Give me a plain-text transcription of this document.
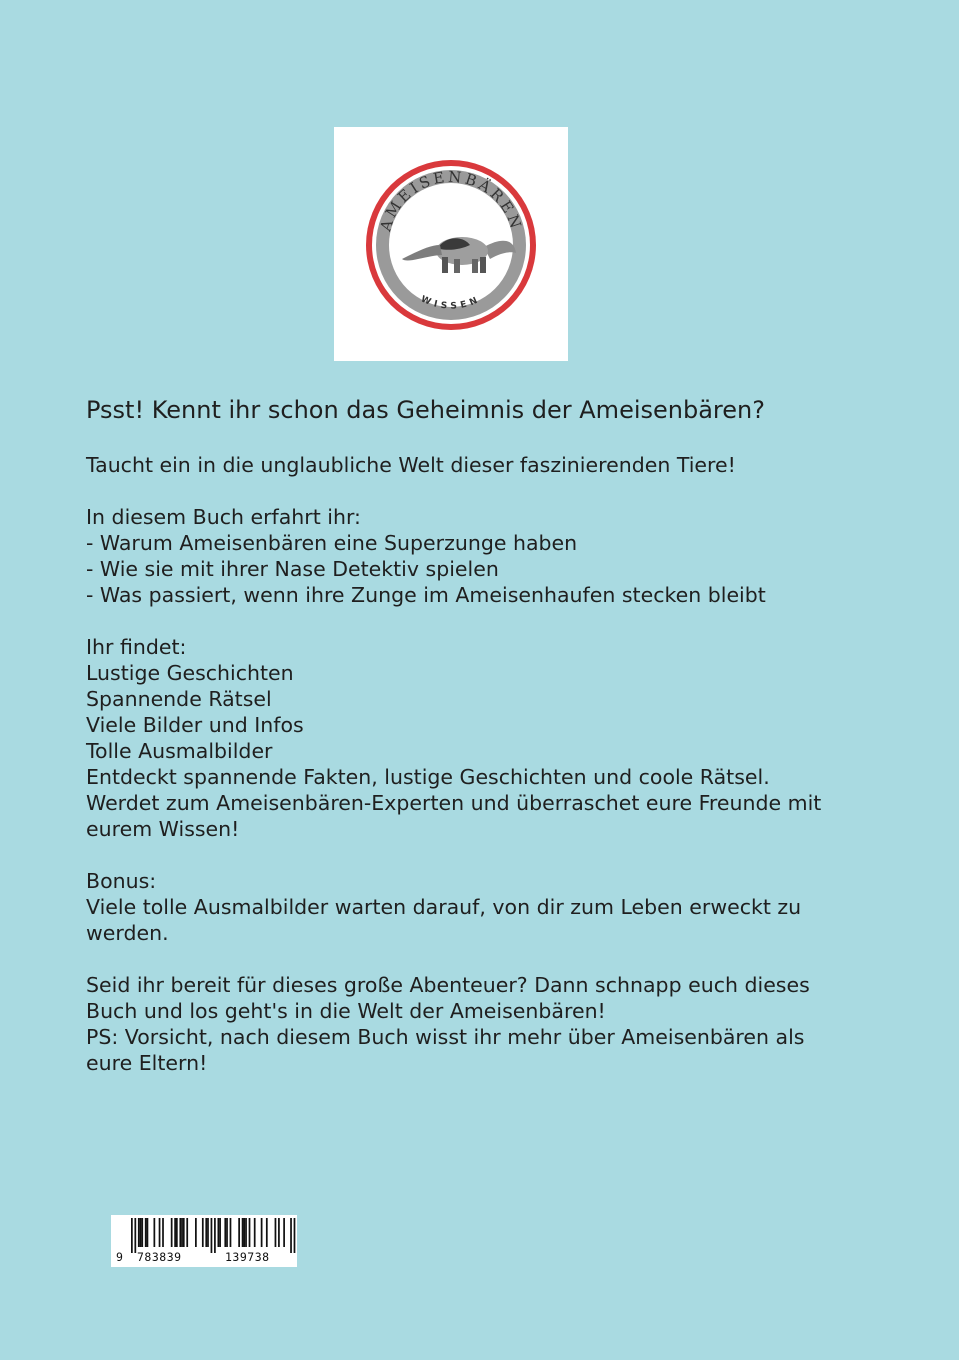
AMEISENBÄREN
WISSEN
Psst! Kennt ihr schon das Geheimnis der Ameisenbären?

Taucht ein in die unglaubliche Welt dieser faszinierenden Tiere!

In diesem Buch erfahrt ihr:

- Warum Ameisenbären eine Superzunge haben

- Wie sie mit ihrer Nase Detektiv spielen

- Was passiert, wenn ihre Zunge im Ameisenhaufen stecken bleibt

Ihr findet:

Lustige Geschichten

Spannende Rätsel

Viele Bilder und Infos

Tolle Ausmalbilder

Entdeckt spannende Fakten, lustige Geschichten und coole Rätsel. Werdet zum Ameisenbären-Experten und überraschet eure Freunde mit eurem Wissen!

Bonus:

Viele tolle Ausmalbilder warten darauf, von dir zum Leben erweckt zu werden.

Seid ihr bereit für dieses große Abenteuer? Dann schnapp euch dieses Buch und los geht's in die Welt der Ameisenbären!

PS: Vorsicht, nach diesem Buch wisst ihr mehr über Ameisenbären als eure Eltern!

9 783839	139738
